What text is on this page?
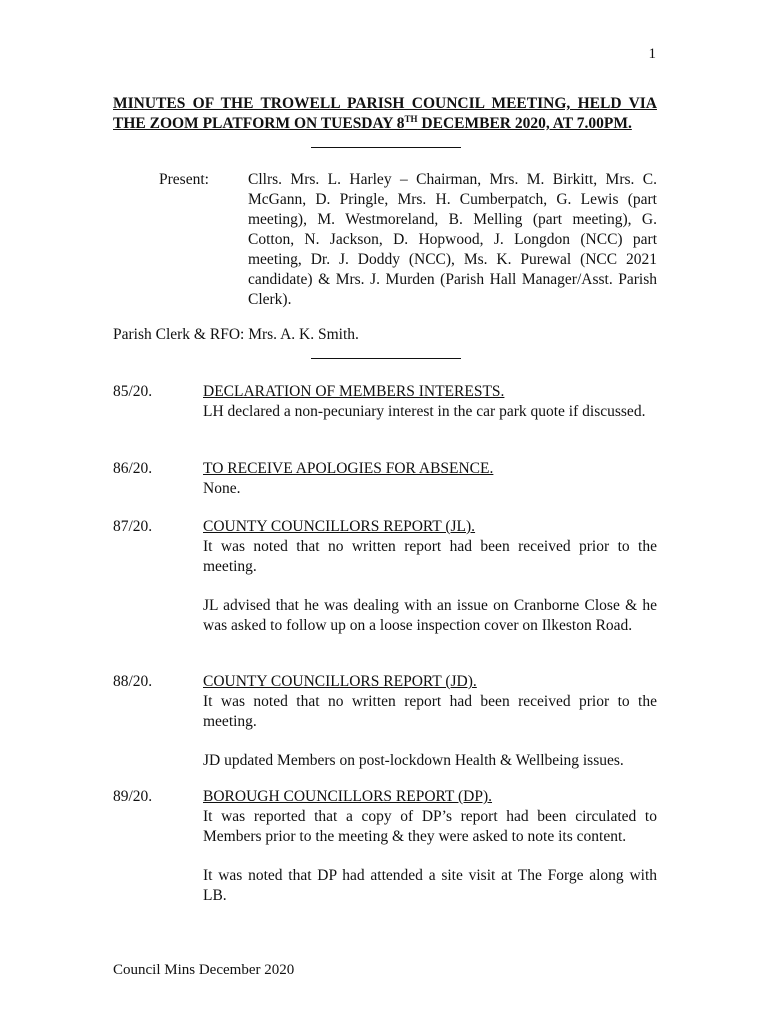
1
MINUTES OF THE TROWELL PARISH COUNCIL MEETING, HELD VIA
THE ZOOM PLATFORM ON TUESDAY 8TH DECEMBER 2020, AT 7.00PM.
Present:	Cllrs. Mrs. L. Harley – Chairman, Mrs. M. Birkitt, Mrs. C. McGann, D. Pringle, Mrs. H. Cumberpatch, G. Lewis (part meeting), M. Westmoreland, B. Melling (part meeting), G. Cotton, N. Jackson, D. Hopwood, J. Longdon (NCC) part meeting, Dr. J. Doddy (NCC), Ms. K. Purewal (NCC 2021 candidate) & Mrs. J. Murden (Parish Hall Manager/Asst. Parish Clerk).
Parish Clerk & RFO: Mrs. A. K. Smith.
85/20.	DECLARATION OF MEMBERS INTERESTS.
LH declared a non-pecuniary interest in the car park quote if discussed.
86/20.	TO RECEIVE APOLOGIES FOR ABSENCE.
None.
87/20.	COUNTY COUNCILLORS REPORT (JL).
It was noted that no written report had been received prior to the meeting.
JL advised that he was dealing with an issue on Cranborne Close & he was asked to follow up on a loose inspection cover on Ilkeston Road.
88/20.	COUNTY COUNCILLORS REPORT (JD).
It was noted that no written report had been received prior to the meeting.
JD updated Members on post-lockdown Health & Wellbeing issues.
89/20.	BOROUGH COUNCILLORS REPORT (DP).
It was reported that a copy of DP’s report had been circulated to Members prior to the meeting & they were asked to note its content.
It was noted that DP had attended a site visit at The Forge along with LB.
Council Mins December 2020
